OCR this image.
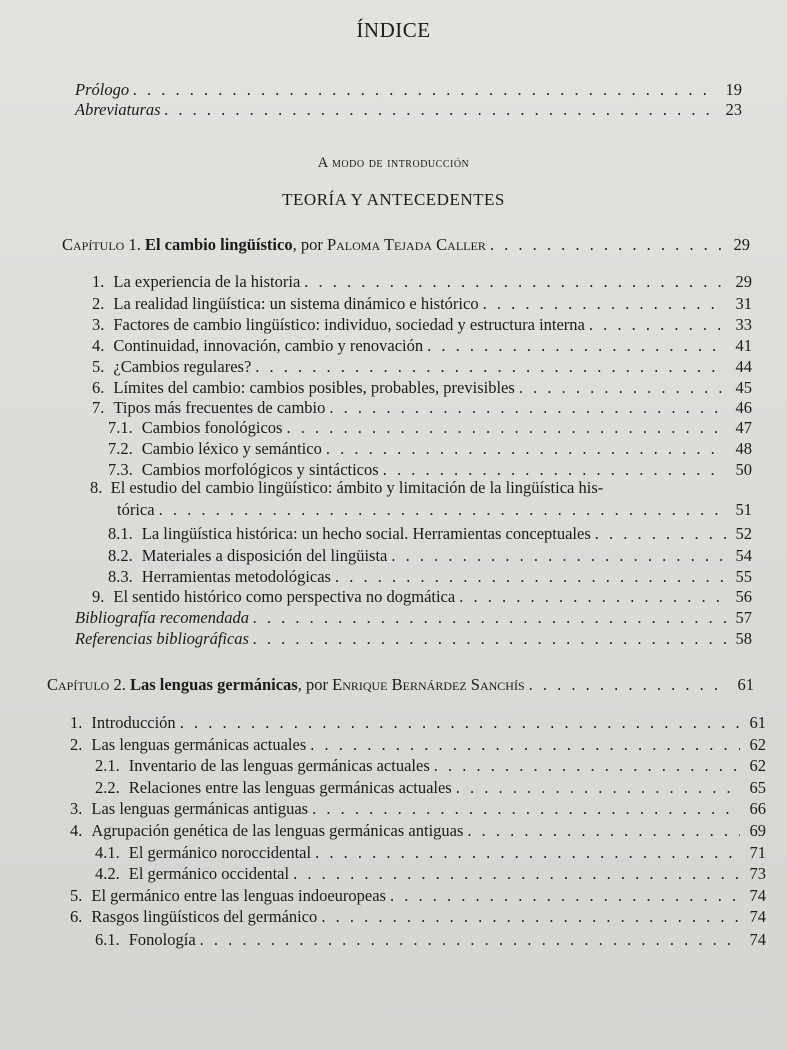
ÍNDICE
Prólogo . . .	19
Abreviaturas . . .	23
A modo de introducción
TEORÍA Y ANTECEDENTES
Capítulo 1. El cambio lingüístico, por Paloma Tejada Caller . . .	29
1. La experiencia de la historia . . .	29
2. La realidad lingüística: un sistema dinámico e histórico . . .	31
3. Factores de cambio lingüístico: individuo, sociedad y estructura interna . . .	33
4. Continuidad, innovación, cambio y renovación . . .	41
5. ¿Cambios regulares? . . .	44
6. Límites del cambio: cambios posibles, probables, previsibles . . .	45
7. Tipos más frecuentes de cambio . . .	46
7.1. Cambios fonológicos . . .	47
7.2. Cambio léxico y semántico . . .	48
7.3. Cambios morfológicos y sintácticos . . .	50
8. El estudio del cambio lingüístico: ámbito y limitación de la lingüística his-
tórica . . .	51
8.1. La lingüística histórica: un hecho social. Herramientas conceptuales . . .	52
8.2. Materiales a disposición del lingüista . . .	54
8.3. Herramientas metodológicas . . .	55
9. El sentido histórico como perspectiva no dogmática . . .	56
Bibliografía recomendada . . .	57
Referencias bibliográficas . . .	58
Capítulo 2. Las lenguas germánicas, por Enrique Bernárdez Sanchís . . .	61
1. Introducción . . .	61
2. Las lenguas germánicas actuales . . .	62
2.1. Inventario de las lenguas germánicas actuales . . .	62
2.2. Relaciones entre las lenguas germánicas actuales . . .	65
3. Las lenguas germánicas antiguas . . .	66
4. Agrupación genética de las lenguas germánicas antiguas . . .	69
4.1. El germánico noroccidental . . .	71
4.2. El germánico occidental . . .	73
5. El germánico entre las lenguas indoeuropeas . . .	74
6. Rasgos lingüísticos del germánico . . .	74
6.1. Fonología . . .	74
